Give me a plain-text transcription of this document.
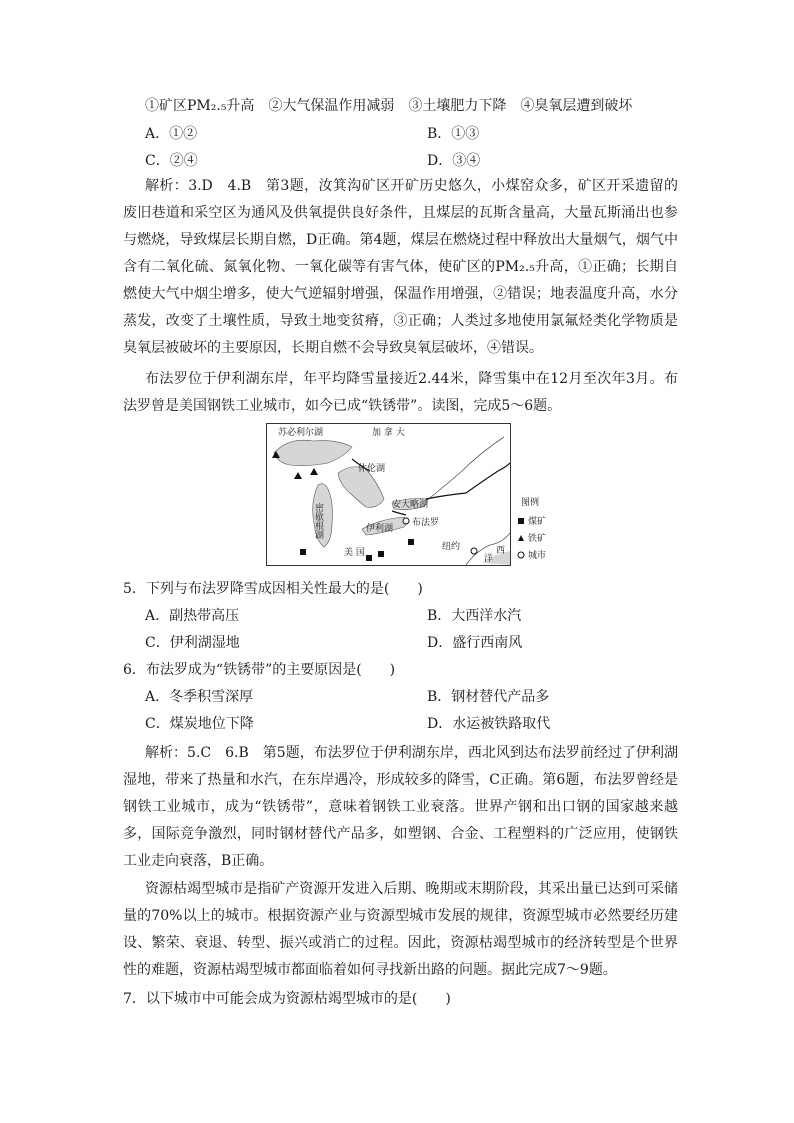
①矿区PM₂.₅升高　②大气保温作用减弱　③土壤肥力下降　④臭氧层遭到破坏
A．①②	B．①③
C．②④	D．③④
解析：3.D　4.B　第3题，汝箕沟矿区开矿历史悠久，小煤窑众多，矿区开采遗留的废旧巷道和采空区为通风及供氧提供良好条件，且煤层的瓦斯含量高，大量瓦斯涌出也参与燃烧，导致煤层长期自燃，D正确。第4题，煤层在燃烧过程中释放出大量烟气，烟气中含有二氧化硫、氮氧化物、一氧化碳等有害气体，使矿区的PM₂.₅升高，①正确；长期自燃使大气中烟尘增多，使大气逆辐射增强，保温作用增强，②错误；地表温度升高，水分蒸发，改变了土壤性质，导致土地变贫瘠，③正确；人类过多地使用氯氟烃类化学物质是臭氧层被破坏的主要原因，长期自燃不会导致臭氧层破坏，④错误。
布法罗位于伊利湖东岸，年平均降雪量接近2.44米，降雪集中在12月至次年3月。布法罗曾是美国钢铁工业城市，如今已成“铁锈带”。读图，完成5～6题。
苏必利尔湖	加 拿 大
休伦湖
密歇根湖	安大略湖
布法罗
伊利湖
美 国
纽约
洋
西
图例
煤矿
铁矿
城市
5．下列与布法罗降雪成因相关性最大的是(　　)
A．副热带高压	B．大西洋水汽
C．伊利湖湿地	D．盛行西南风
6．布法罗成为“铁锈带”的主要原因是(　　)
A．冬季积雪深厚	B．钢材替代产品多
C．煤炭地位下降	D．水运被铁路取代
解析：5.C　6.B　第5题，布法罗位于伊利湖东岸，西北风到达布法罗前经过了伊利湖湿地，带来了热量和水汽，在东岸遇冷，形成较多的降雪，C正确。第6题，布法罗曾经是钢铁工业城市，成为“铁锈带”，意味着钢铁工业衰落。世界产钢和出口钢的国家越来越多，国际竞争激烈，同时钢材替代产品多，如塑钢、合金、工程塑料的广泛应用，使钢铁工业走向衰落，B正确。
资源枯竭型城市是指矿产资源开发进入后期、晚期或末期阶段，其采出量已达到可采储量的70%以上的城市。根据资源产业与资源型城市发展的规律，资源型城市必然要经历建设、繁荣、衰退、转型、振兴或消亡的过程。因此，资源枯竭型城市的经济转型是个世界性的难题，资源枯竭型城市都面临着如何寻找新出路的问题。据此完成7～9题。
7．以下城市中可能会成为资源枯竭型城市的是(　　)
